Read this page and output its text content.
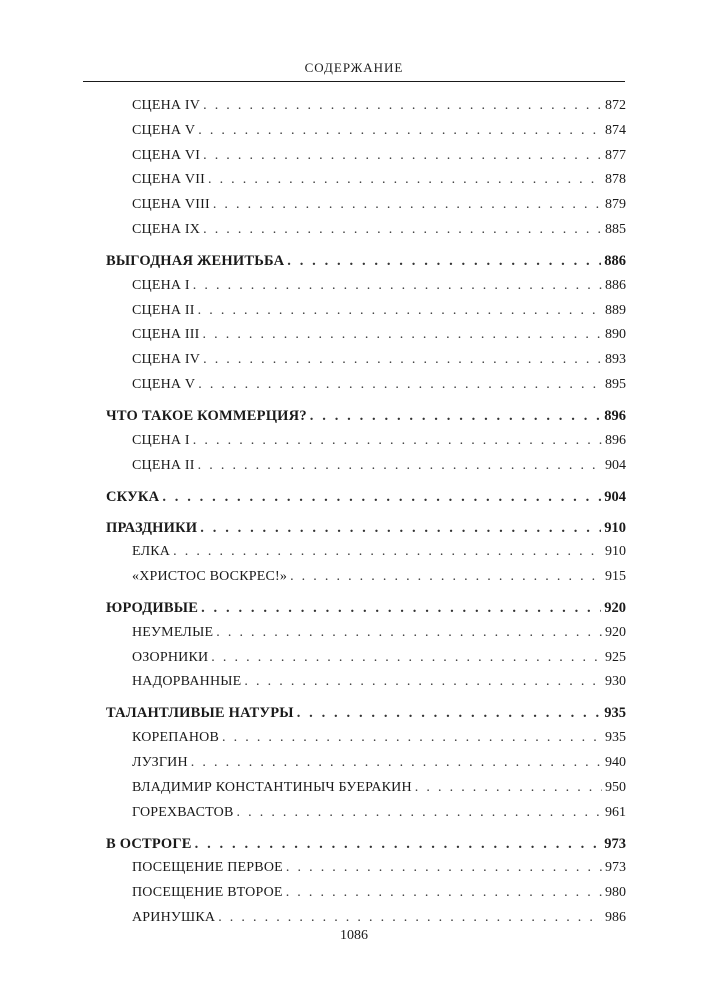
СОДЕРЖАНИЕ
СЦЕНА IV . . .	872
СЦЕНА V . . .	874
СЦЕНА VI . . .	877
СЦЕНА VII . . .	878
СЦЕНА VIII . . .	879
СЦЕНА IX . . .	885
ВЫГОДНАЯ ЖЕНИТЬБА . . .	886
СЦЕНА I . . .	886
СЦЕНА II . . .	889
СЦЕНА III . . .	890
СЦЕНА IV . . .	893
СЦЕНА V . . .	895
ЧТО ТАКОЕ КОММЕРЦИЯ? . . .	896
СЦЕНА I . . .	896
СЦЕНА II . . .	904
СКУКА . . .	904
ПРАЗДНИКИ . . .	910
ЕЛКА . . .	910
«ХРИСТОС ВОСКРЕС!» . . .	915
ЮРОДИВЫЕ . . .	920
НЕУМЕЛЫЕ . . .	920
ОЗОРНИКИ . . .	925
НАДОРВАННЫЕ . . .	930
ТАЛАНТЛИВЫЕ НАТУРЫ . . .	935
КОРЕПАНОВ . . .	935
ЛУЗГИН . . .	940
ВЛАДИМИР КОНСТАНТИНЫЧ БУЕРАКИН . . .	950
ГОРЕХВАСТОВ . . .	961
В ОСТРОГЕ . . .	973
ПОСЕЩЕНИЕ ПЕРВОЕ . . .	973
ПОСЕЩЕНИЕ ВТОРОЕ . . .	980
АРИНУШКА . . .	986
1086
